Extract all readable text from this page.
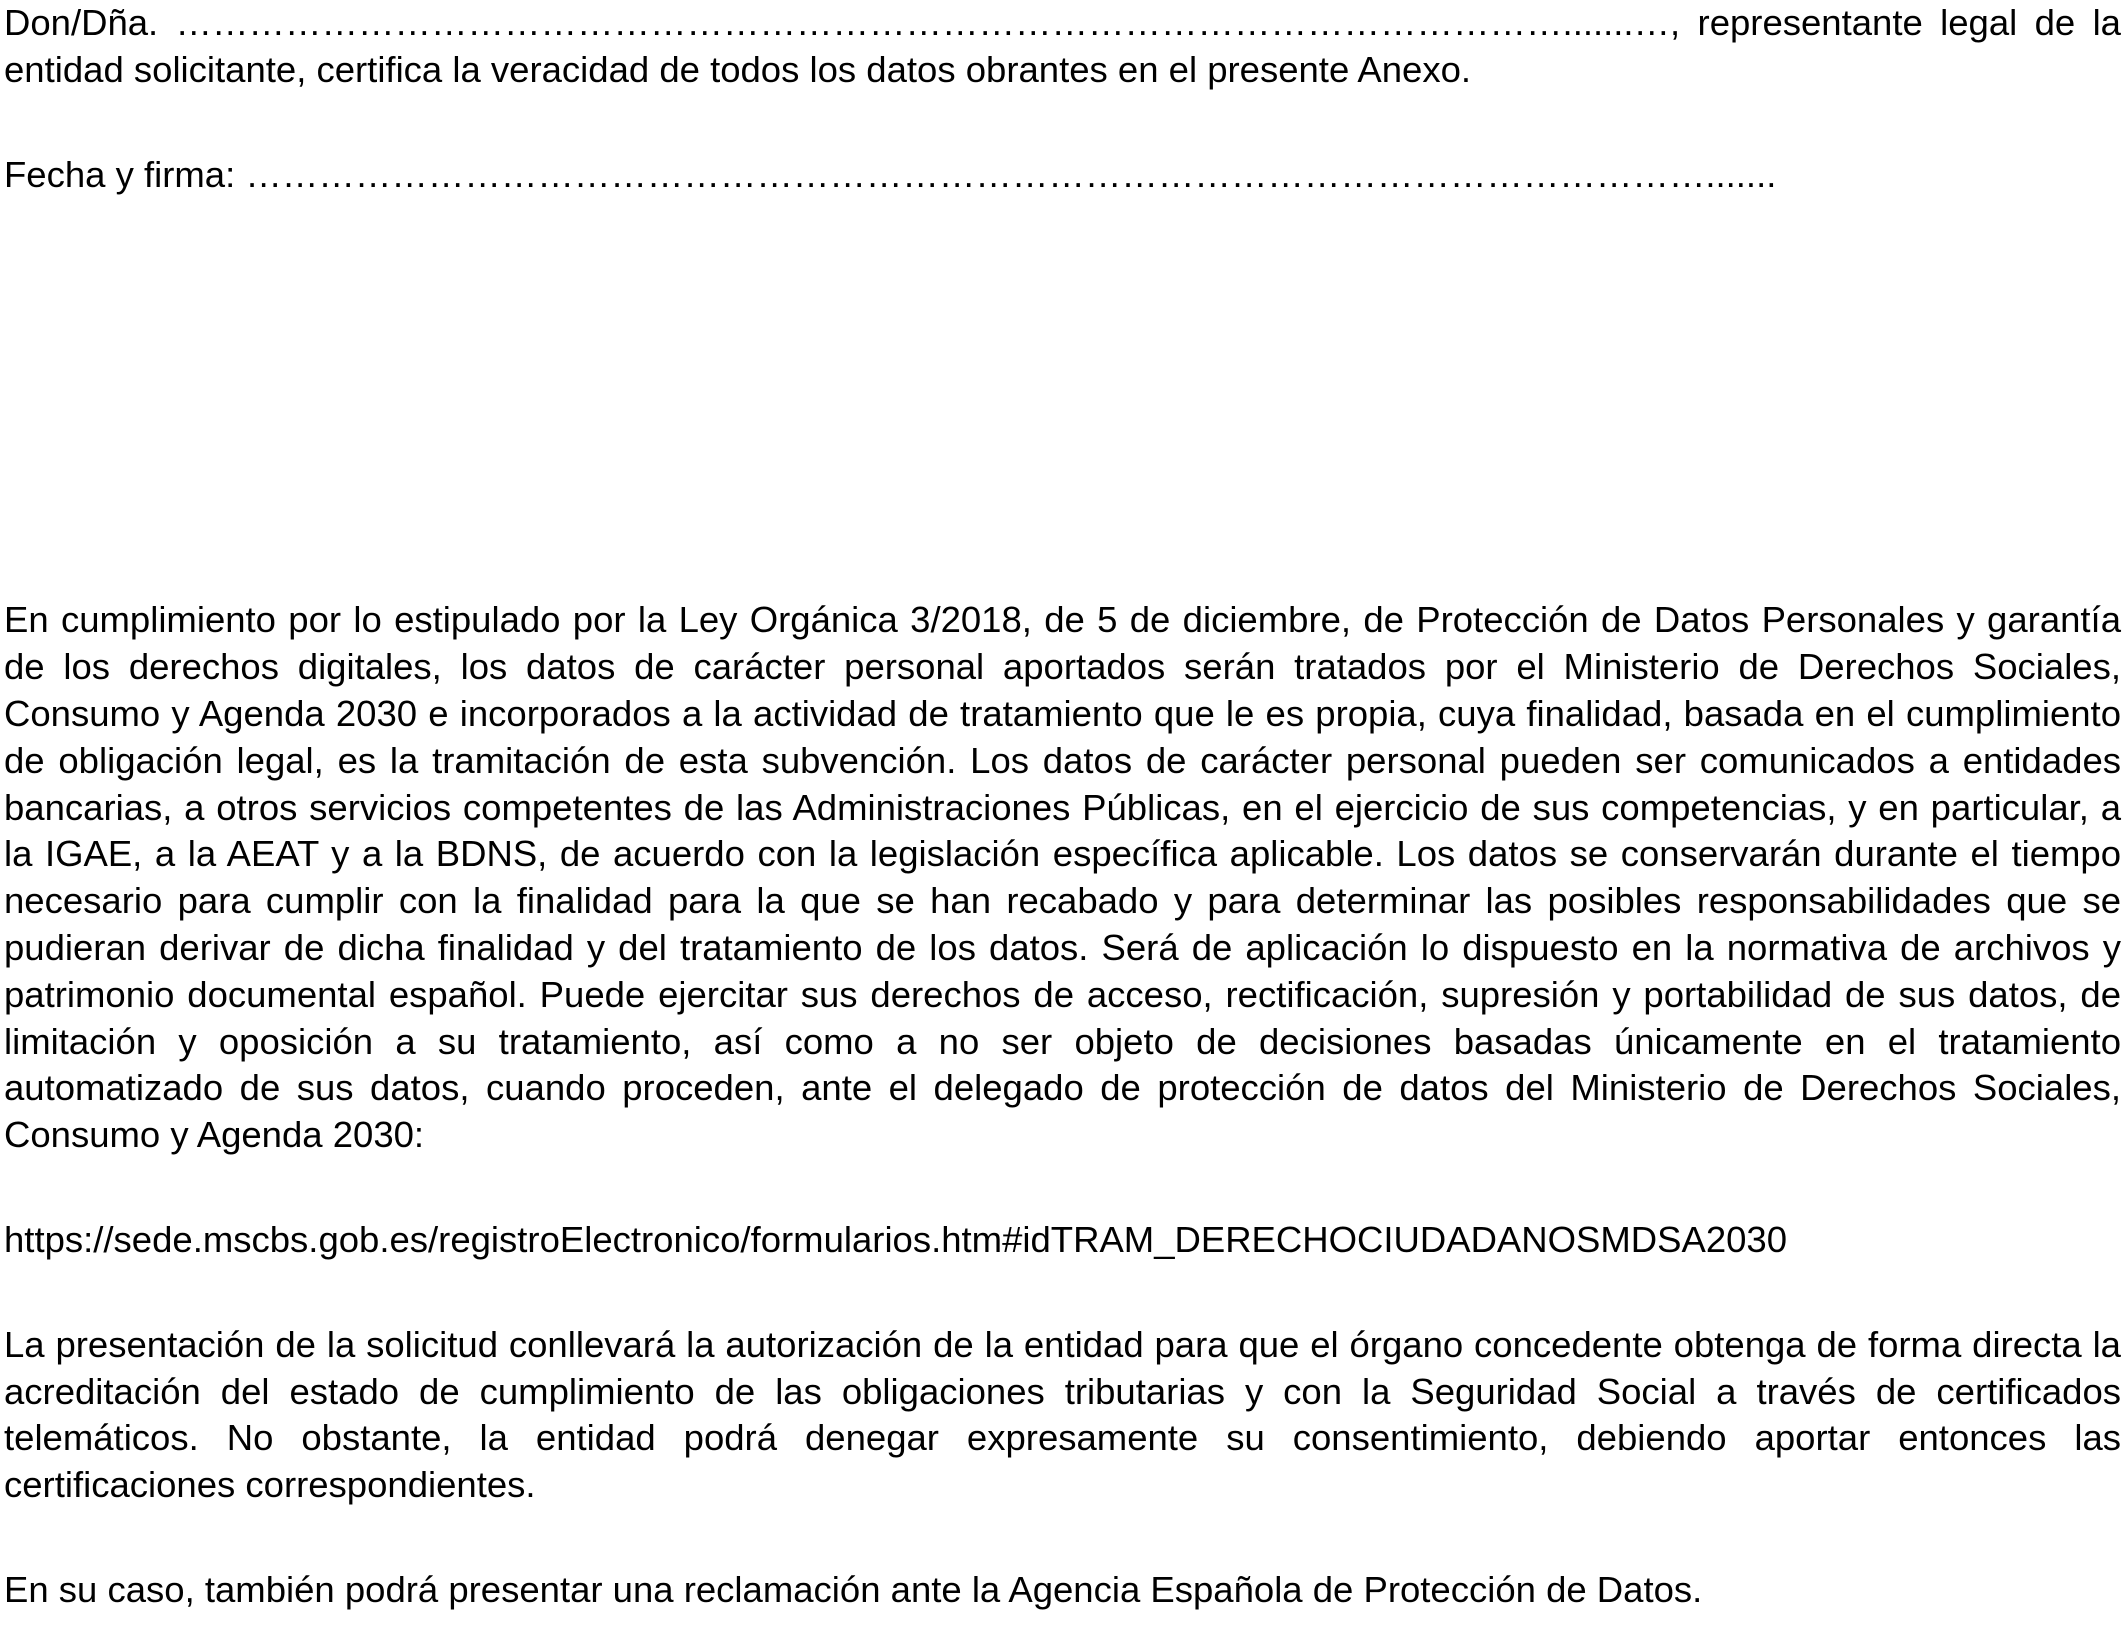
Don/Dña. …………………………………………………………………………………………………….......…, representante legal de la entidad solicitante, certifica la veracidad de todos los datos obrantes en el presente Anexo.

Fecha y firma: ………………………………………………………………………………………………………….......

En cumplimiento por lo estipulado por la Ley Orgánica 3/2018, de 5 de diciembre, de Protección de Datos Personales y garantía de los derechos digitales, los datos de carácter personal aportados serán tratados por el Ministerio de Derechos Sociales, Consumo y Agenda 2030 e incorporados a la actividad de tratamiento que le es propia, cuya finalidad, basada en el cumplimiento de obligación legal, es la tramitación de esta subvención. Los datos de carácter personal pueden ser comunicados a entidades bancarias, a otros servicios competentes de las Administraciones Públicas, en el ejercicio de sus competencias, y en particular, a la IGAE, a la AEAT y a la BDNS, de acuerdo con la legislación específica aplicable. Los datos se conservarán durante el tiempo necesario para cumplir con la finalidad para la que se han recabado y para determinar las posibles responsabilidades que se pudieran derivar de dicha finalidad y del tratamiento de los datos. Será de aplicación lo dispuesto en la normativa de archivos y patrimonio documental español. Puede ejercitar sus derechos de acceso, rectificación, supresión y portabilidad de sus datos, de limitación y oposición a su tratamiento, así como a no ser objeto de decisiones basadas únicamente en el tratamiento automatizado de sus datos, cuando proceden, ante el delegado de protección de datos del Ministerio de Derechos Sociales, Consumo y Agenda 2030:

https://sede.mscbs.gob.es/registroElectronico/formularios.htm#idTRAM_DERECHOCIUDADANOSMDSA2030

La presentación de la solicitud conllevará la autorización de la entidad para que el órgano concedente obtenga de forma directa la acreditación del estado de cumplimiento de las obligaciones tributarias y con la Seguridad Social a través de certificados telemáticos. No obstante, la entidad podrá denegar expresamente su consentimiento, debiendo aportar entonces las certificaciones correspondientes.

En su caso, también podrá presentar una reclamación ante la Agencia Española de Protección de Datos.
